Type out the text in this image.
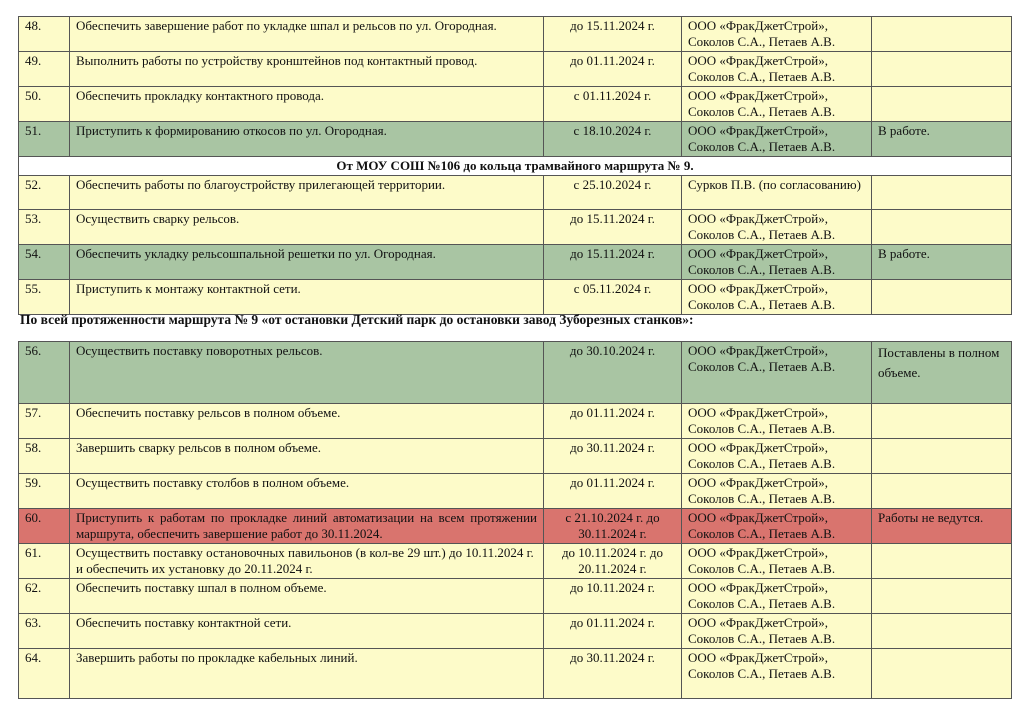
48.	Обеспечить завершение работ по укладке шпал и рельсов по ул. Огородная.	до 15.11.2024 г.	ООО «ФракДжетСтрой», Соколов С.А., Петаев А.В.	
49.	Выполнить работы по устройству кронштейнов под контактный провод.	до 01.11.2024 г.	ООО «ФракДжетСтрой», Соколов С.А., Петаев А.В.	
50.	Обеспечить прокладку контактного провода.	с 01.11.2024 г.	ООО «ФракДжетСтрой», Соколов С.А., Петаев А.В.	
51.	Приступить к формированию откосов по ул. Огородная.	с 18.10.2024 г.	ООО «ФракДжетСтрой», Соколов С.А., Петаев А.В.	В работе.
От МОУ СОШ №106 до кольца трамвайного маршрута № 9.				
52.	Обеспечить работы по благоустройству прилегающей территории.	с 25.10.2024 г.	Сурков П.В. (по согласованию)	
53.	Осуществить сварку рельсов.	до 15.11.2024 г.	ООО «ФракДжетСтрой», Соколов С.А., Петаев А.В.	
54.	Обеспечить укладку рельсошпальной решетки по ул. Огородная.	до 15.11.2024 г.	ООО «ФракДжетСтрой», Соколов С.А., Петаев А.В.	В работе.
55.	Приступить к монтажу контактной сети.	с 05.11.2024 г.	ООО «ФракДжетСтрой», Соколов С.А., Петаев А.В.	
По всей протяженности маршрута № 9 «от остановки Детский парк до остановки завод Зуборезных станков»:
56.	Осуществить поставку поворотных рельсов.	до 30.10.2024 г.	ООО «ФракДжетСтрой», Соколов С.А., Петаев А.В.	Поставлены в полном объеме.
57.	Обеспечить поставку рельсов в полном объеме.	до 01.11.2024 г.	ООО «ФракДжетСтрой», Соколов С.А., Петаев А.В.	
58.	Завершить сварку рельсов в полном объеме.	до 30.11.2024 г.	ООО «ФракДжетСтрой», Соколов С.А., Петаев А.В.	
59.	Осуществить поставку столбов в полном объеме.	до 01.11.2024 г.	ООО «ФракДжетСтрой», Соколов С.А., Петаев А.В.	
60.	Приступить к работам по прокладке линий автоматизации на всем протяжении маршрута, обеспечить завершение работ до 30.11.2024.	с 21.10.2024 г. до 30.11.2024 г.	ООО «ФракДжетСтрой», Соколов С.А., Петаев А.В.	Работы не ведутся.
61.	Осуществить поставку остановочных павильонов (в кол-ве 29 шт.) до 10.11.2024 г. и обеспечить их установку до 20.11.2024 г.	до 10.11.2024 г. до 20.11.2024 г.	ООО «ФракДжетСтрой», Соколов С.А., Петаев А.В.	
62.	Обеспечить поставку шпал в полном объеме.	до 10.11.2024 г.	ООО «ФракДжетСтрой», Соколов С.А., Петаев А.В.	
63.	Обеспечить поставку контактной сети.	до 01.11.2024 г.	ООО «ФракДжетСтрой», Соколов С.А., Петаев А.В.	
64.	Завершить работы по прокладке кабельных линий.	до 30.11.2024 г.	ООО «ФракДжетСтрой», Соколов С.А., Петаев А.В.	
